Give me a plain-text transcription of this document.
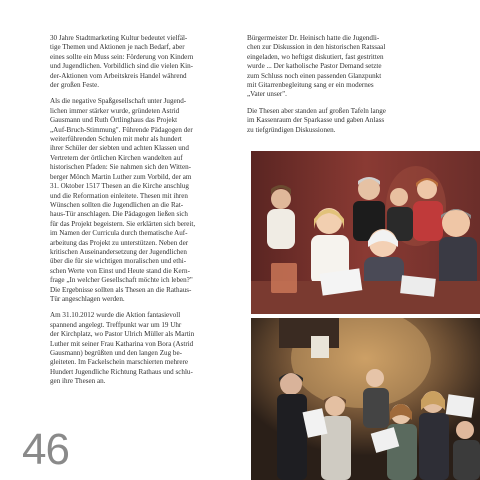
30 Jahre Stadtmarketing Kultur bedeutet vielfäl-
tige Themen und Aktionen je nach Bedarf, aber
eines sollte ein Muss sein: Förderung von Kindern
und Jugendlichen. Vorbildlich sind die vielen Kin-
der-Aktionen vom Arbeitskreis Handel während
der großen Feste.

Als die negative Spaßgesellschaft unter Jugend-
lichen immer stärker wurde, gründeten Astrid
Gausmann und Ruth Örtlinghaus das Projekt
„Auf-Bruch-Stimmung". Führende Pädagogen der
weiterführenden Schulen mit mehr als hundert
ihrer Schüler der siebten und achten Klassen und
Vertretern der örtlichen Kirchen wandelten auf
historischen Pfaden: Sie nahmen sich den Witten-
berger Mönch Martin Luther zum Vorbild, der am
31. Oktober 1517 Thesen an die Kirche anschlug
und die Reformation einleitete. Thesen mit ihren
Wünschen sollten die Jugendlichen an die Rat-
haus-Tür anschlagen. Die Pädagogen ließen sich
für das Projekt begeistern. Sie erklärten sich bereit,
im Namen der Curricula durch thematische Auf-
arbeitung das Projekt zu unterstützen. Neben der
kritischen Auseinandersetzung der Jugendlichen
über die für sie wichtigen moralischen und ethi-
schen Werte von Einst und Heute stand die Kern-
frage „In welcher Gesellschaft möchte ich leben?"
Die Ergebnisse sollten als Thesen an die Rathaus-
Tür angeschlagen werden.

Am 31.10.2012 wurde die Aktion fantasievoll
spannend angelegt. Treffpunkt war um 19 Uhr
der Kirchplatz, wo Pastor Ulrich Müller als Martin
Luther mit seiner Frau Katharina von Bora (Astrid
Gausmann) begrüßten und den langen Zug be-
gleiteten. Im Fackelschein marschierten mehrere
Hundert Jugendliche Richtung Rathaus und schlu-
gen ihre Thesen an.

Bürgermeister Dr. Heinisch hatte die Jugendli-
chen zur Diskussion in den historischen Ratssaal
eingeladen, wo heftigst diskutiert, fast gestritten
wurde ... Der katholische Pastor Demand setzte
zum Schluss noch einen passenden Glanzpunkt
mit Gitarrenbegleitung sang er ein modernes
„Vater unser".

Die Thesen aber standen auf großen Tafeln lange
im Kassenraum der Sparkasse und gaben Anlass
zu tiefgründigen Diskussionen.

46
